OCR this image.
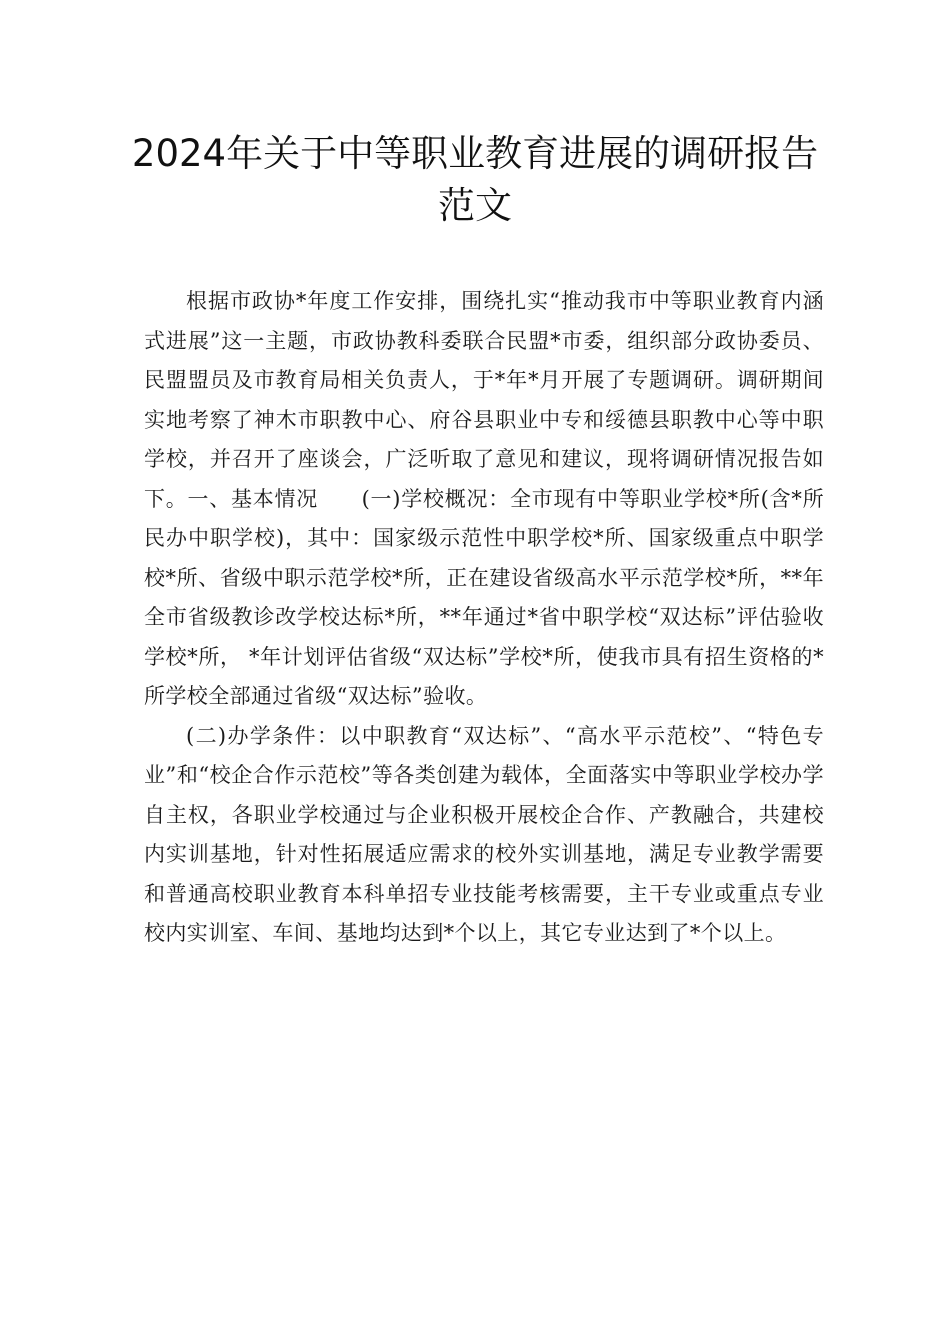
2024年关于中等职业教育进展的调研报告范文

根据市政协*年度工作安排，围绕扎实“推动我市中等职业教育内涵式进展”这一主题，市政协教科委联合民盟*市委，组织部分政协委员、民盟盟员及市教育局相关负责人，于*年*月开展了专题调研。调研期间实地考察了神木市职教中心、府谷县职业中专和绥德县职教中心等中职学校，并召开了座谈会，广泛听取了意见和建议，现将调研情况报告如下。一、基本情况　　(一)学校概况：全市现有中等职业学校*所(含*所民办中职学校)，其中：国家级示范性中职学校*所、国家级重点中职学校*所、省级中职示范学校*所，正在建设省级高水平示范学校*所，**年全市省级教诊改学校达标*所，**年通过*省中职学校“双达标”评估验收学校*所， *年计划评估省级“双达标”学校*所，使我市具有招生资格的*所学校全部通过省级“双达标”验收。

(二)办学条件：以中职教育“双达标”、“高水平示范校”、“特色专业”和“校企合作示范校”等各类创建为载体，全面落实中等职业学校办学自主权，各职业学校通过与企业积极开展校企合作、产教融合，共建校内实训基地，针对性拓展适应需求的校外实训基地，满足专业教学需要和普通高校职业教育本科单招专业技能考核需要，主干专业或重点专业校内实训室、车间、基地均达到*个以上，其它专业达到了*个以上。
